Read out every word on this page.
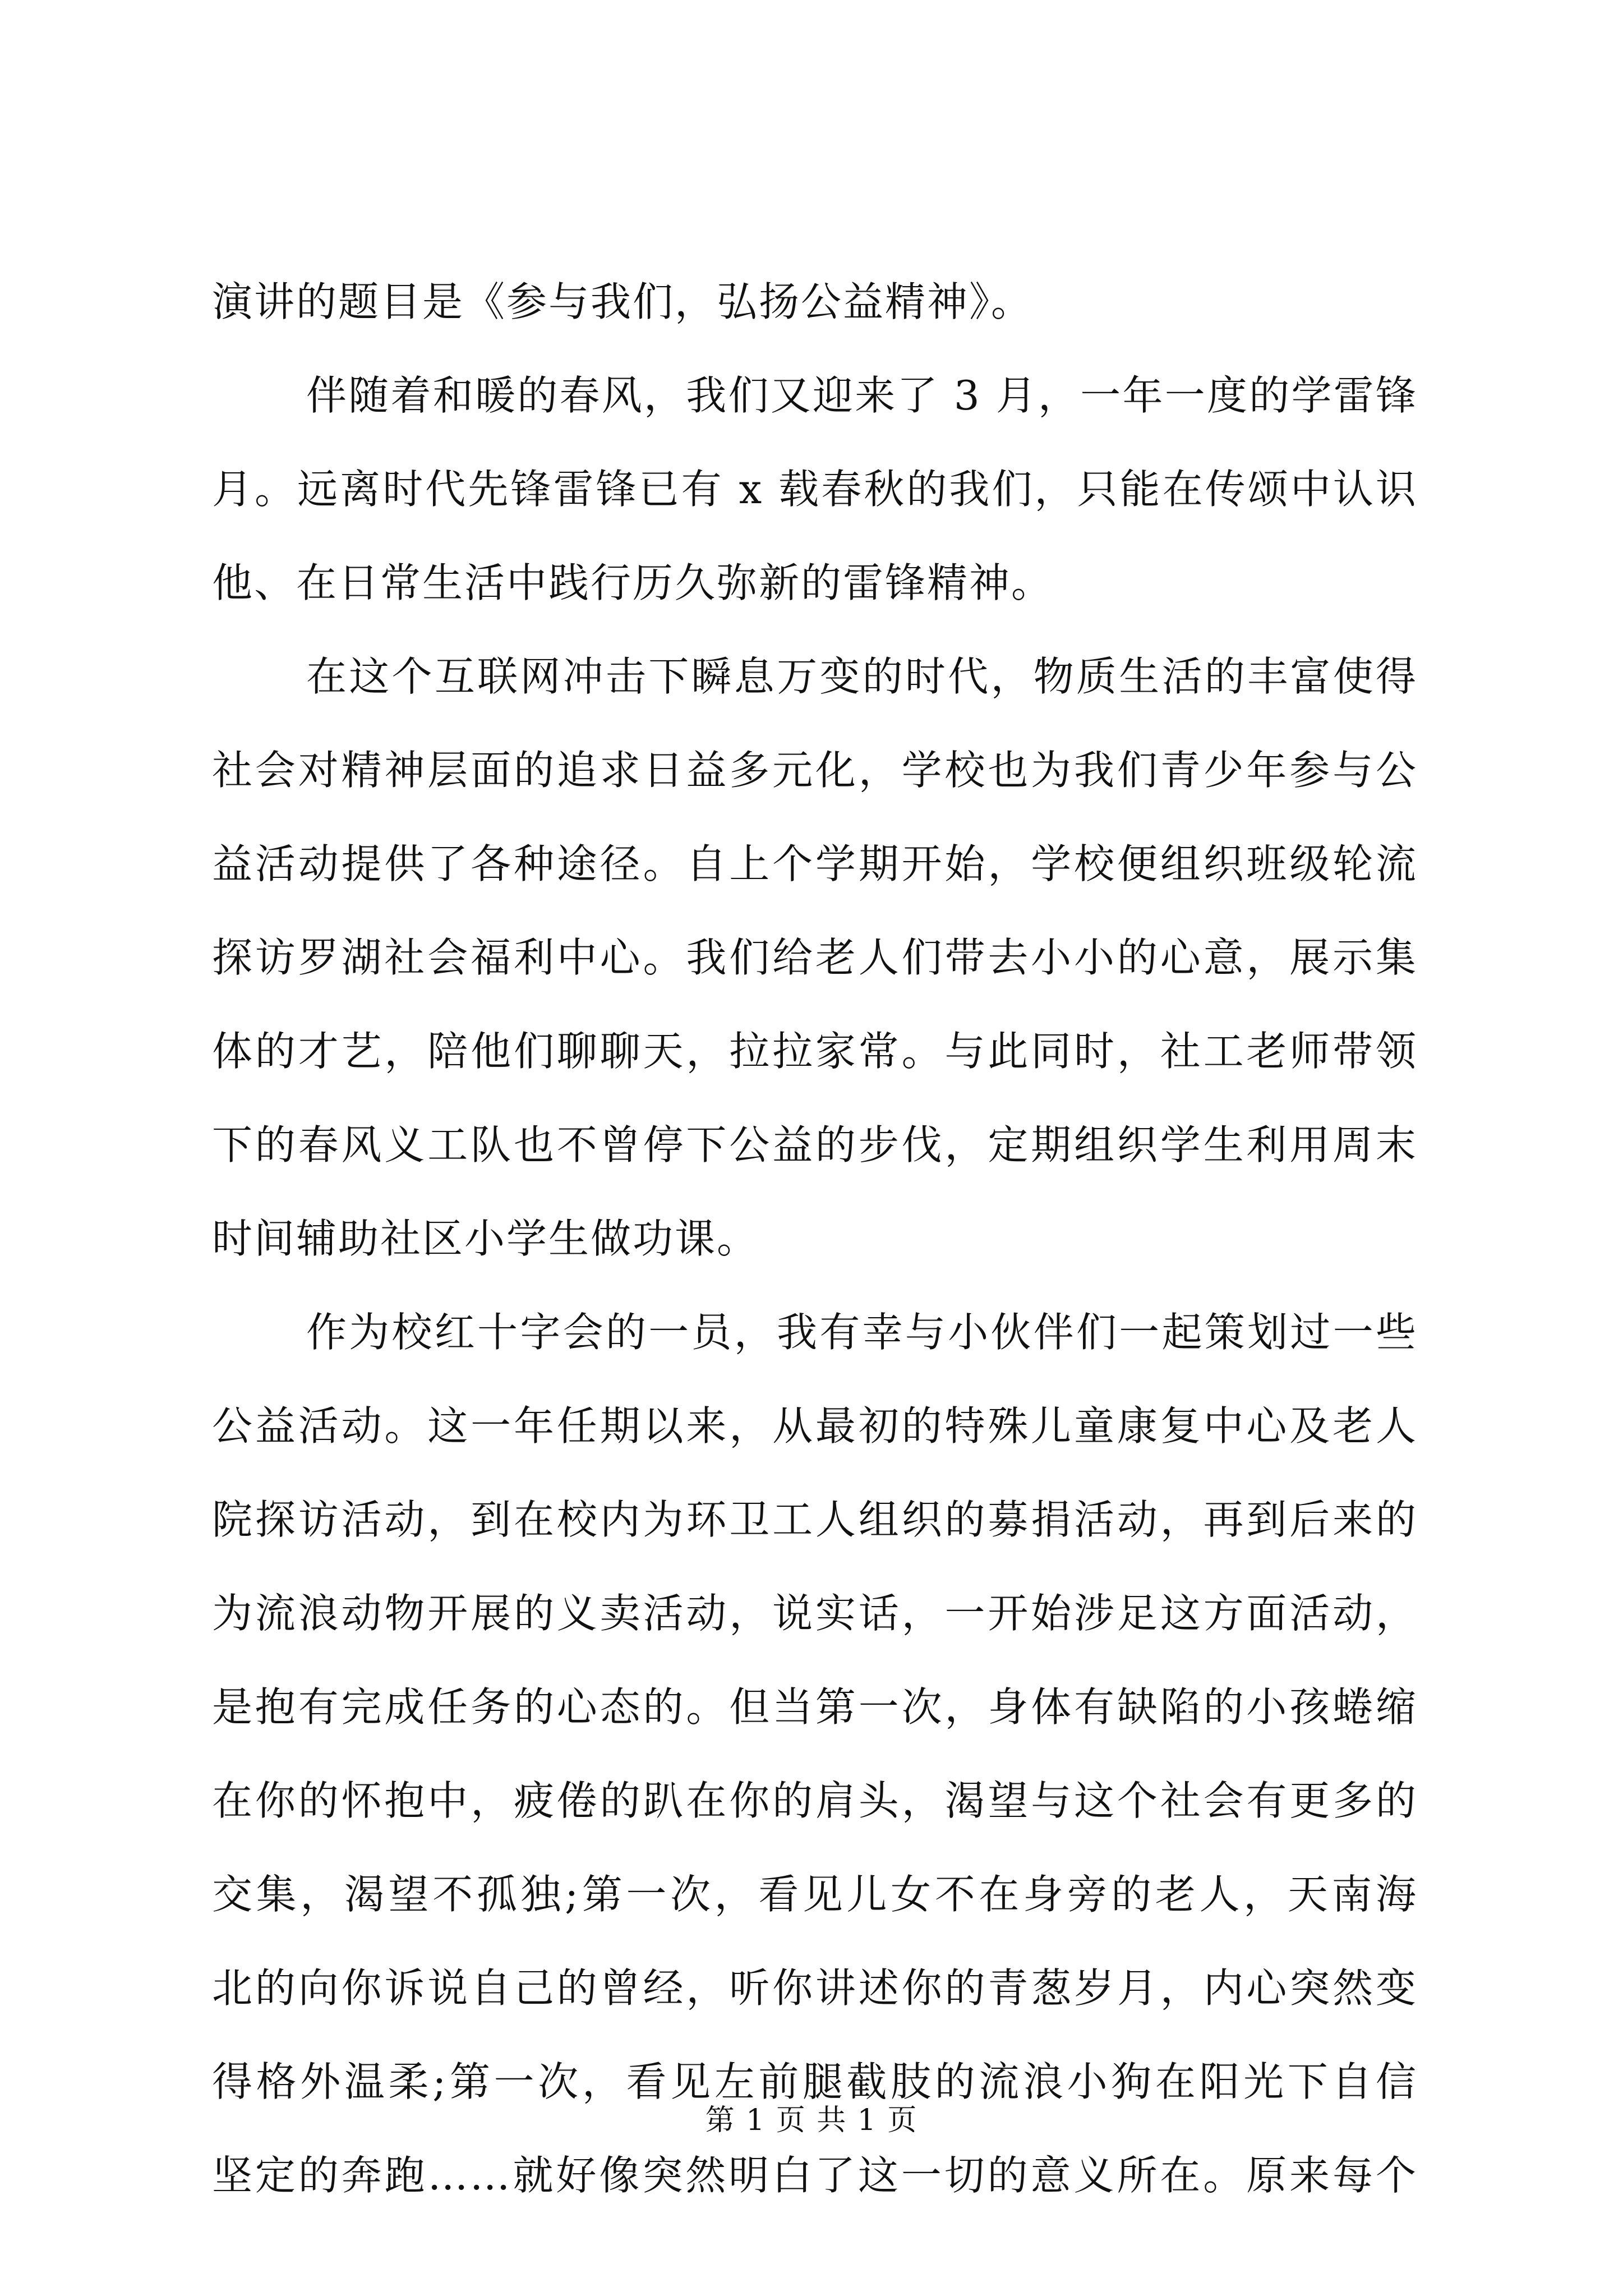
演讲的题目是《参与我们，弘扬公益精神》。
伴随着和暖的春风，我们又迎来了 3 月，一年一度的学雷锋
月。远离时代先锋雷锋已有 x 载春秋的我们，只能在传颂中认识
他、在日常生活中践行历久弥新的雷锋精神。
在这个互联网冲击下瞬息万变的时代，物质生活的丰富使得
社会对精神层面的追求日益多元化，学校也为我们青少年参与公
益活动提供了各种途径。自上个学期开始，学校便组织班级轮流
探访罗湖社会福利中心。我们给老人们带去小小的心意，展示集
体的才艺，陪他们聊聊天，拉拉家常。与此同时，社工老师带领
下的春风义工队也不曾停下公益的步伐，定期组织学生利用周末
时间辅助社区小学生做功课。
作为校红十字会的一员，我有幸与小伙伴们一起策划过一些
公益活动。这一年任期以来，从最初的特殊儿童康复中心及老人
院探访活动，到在校内为环卫工人组织的募捐活动，再到后来的
为流浪动物开展的义卖活动，说实话，一开始涉足这方面活动，
是抱有完成任务的心态的。但当第一次，身体有缺陷的小孩蜷缩
在你的怀抱中，疲倦的趴在你的肩头，渴望与这个社会有更多的
交集，渴望不孤独;第一次，看见儿女不在身旁的老人，天南海
北的向你诉说自己的曾经，听你讲述你的青葱岁月，内心突然变
得格外温柔;第一次，看见左前腿截肢的流浪小狗在阳光下自信
坚定的奔跑……就好像突然明白了这一切的意义所在。原来每个
第 1 页 共 1 页
